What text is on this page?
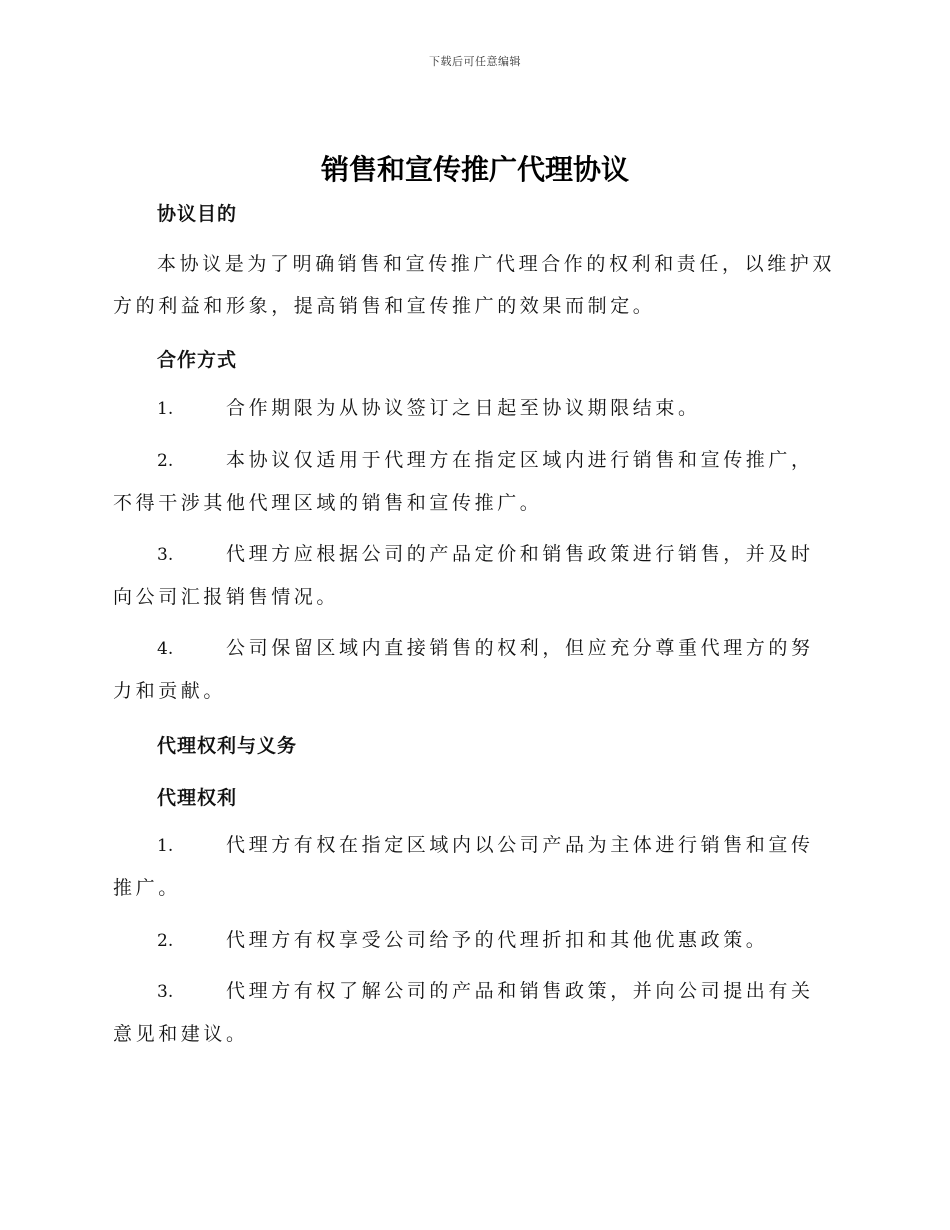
下载后可任意编辑
销售和宣传推广代理协议
协议目的
本协议是为了明确销售和宣传推广代理合作的权利和责任，以维护双方的利益和形象，提高销售和宣传推广的效果而制定。
合作方式
1.	合作期限为从协议签订之日起至协议期限结束。
2.	本协议仅适用于代理方在指定区域内进行销售和宣传推广，不得干涉其他代理区域的销售和宣传推广。
3.	代理方应根据公司的产品定价和销售政策进行销售，并及时向公司汇报销售情况。
4.	公司保留区域内直接销售的权利，但应充分尊重代理方的努力和贡献。
代理权利与义务
代理权利
1.	代理方有权在指定区域内以公司产品为主体进行销售和宣传推广。
2.	代理方有权享受公司给予的代理折扣和其他优惠政策。
3.	代理方有权了解公司的产品和销售政策，并向公司提出有关意见和建议。
